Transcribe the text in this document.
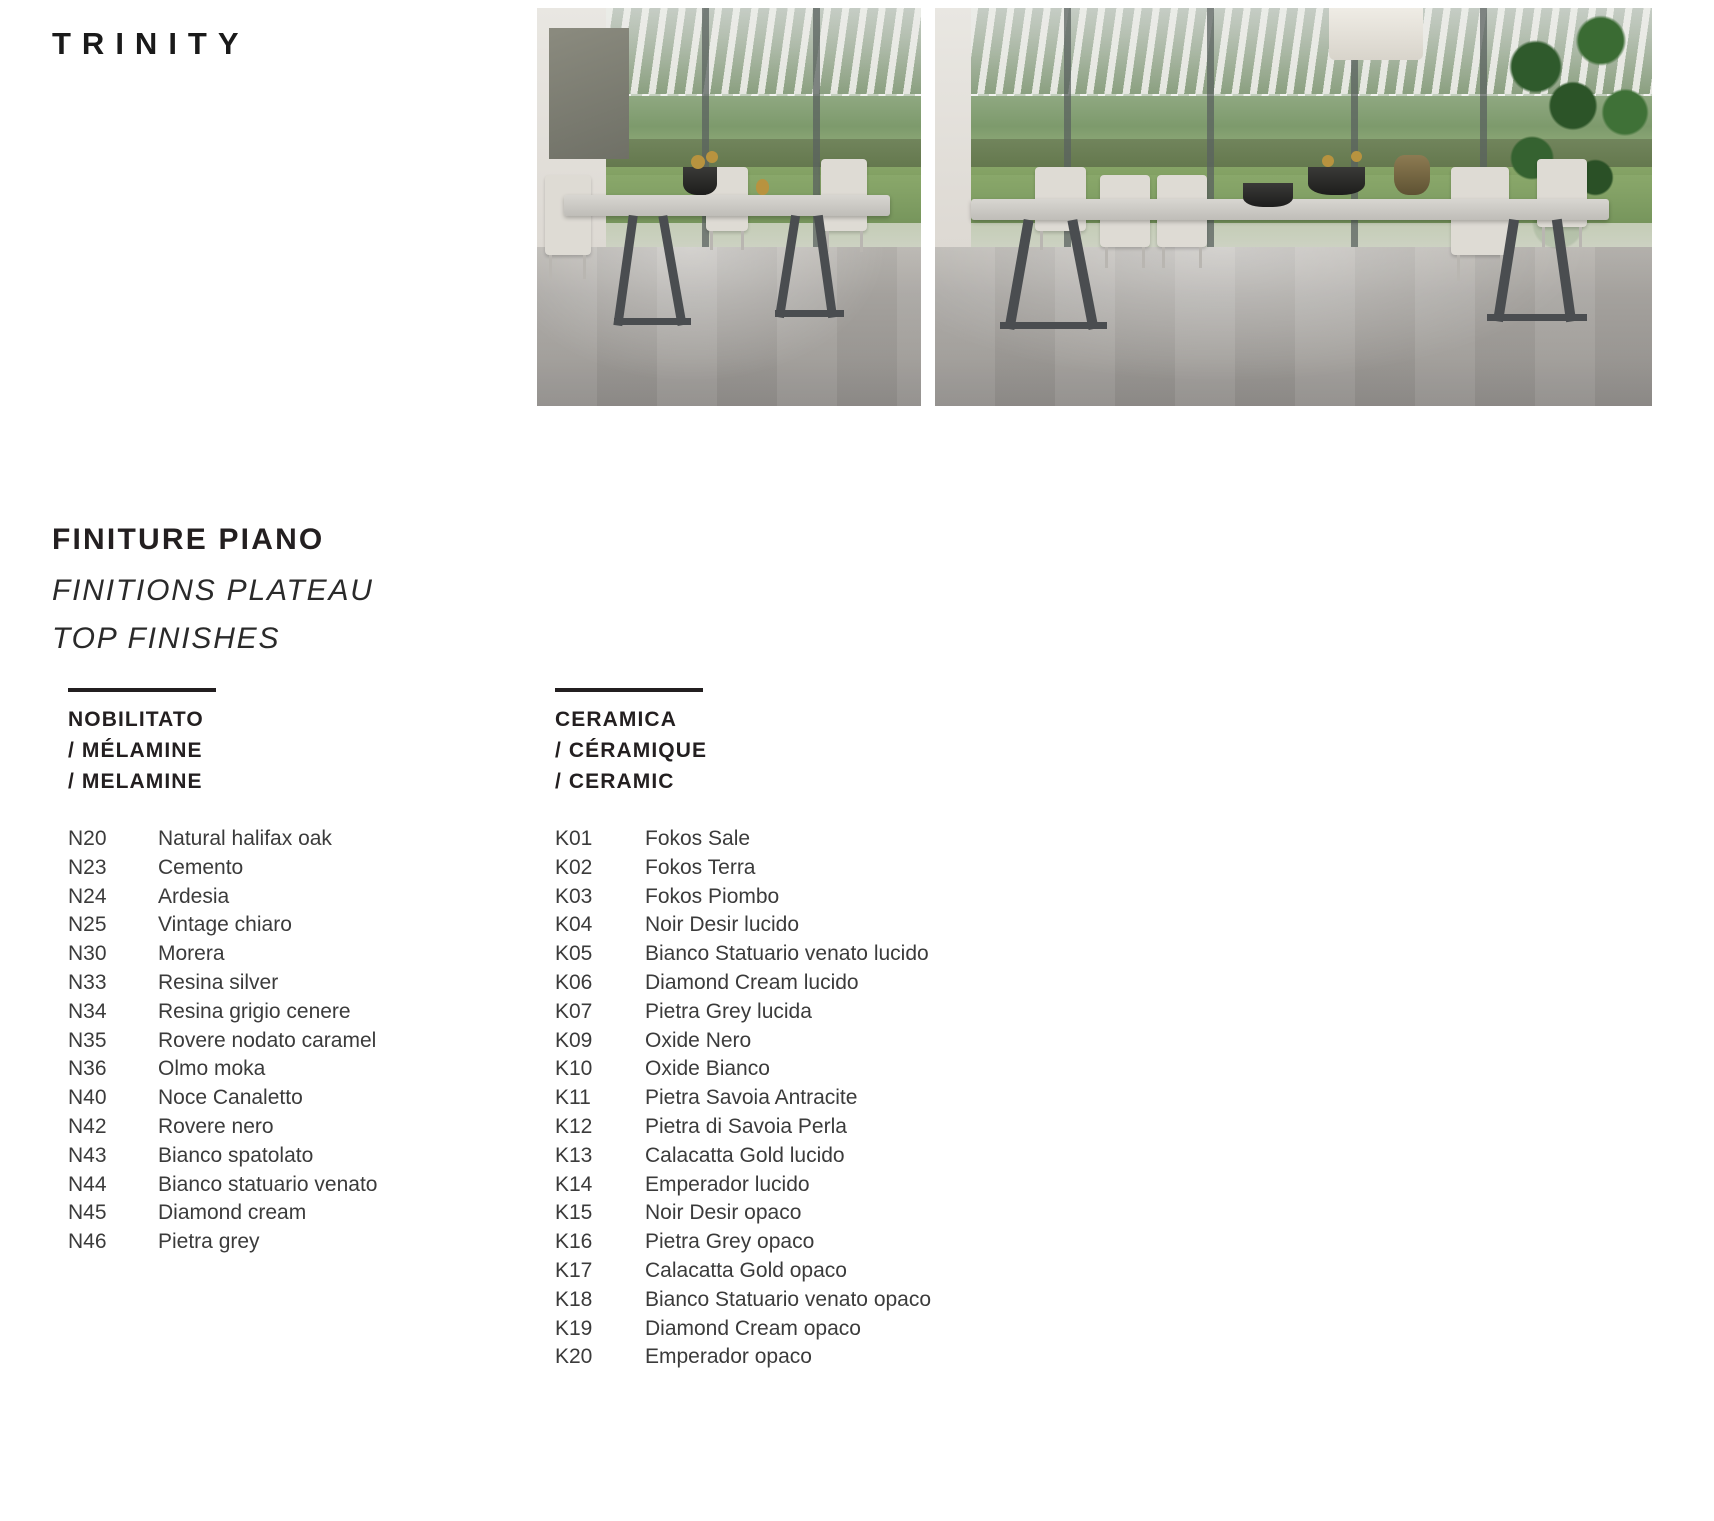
TRINITY
FINITURE PIANO
FINITIONS PLATEAU
TOP FINISHES
NOBILITATO
/ MÉLAMINE
/ MELAMINE
N20	Natural halifax oak
N23	Cemento
N24	Ardesia
N25	Vintage chiaro
N30	Morera
N33	Resina silver
N34	Resina grigio cenere
N35	Rovere nodato caramel
N36	Olmo moka
N40	Noce Canaletto
N42	Rovere nero
N43	Bianco spatolato
N44	Bianco statuario venato
N45	Diamond cream
N46	Pietra grey
CERAMICA
/ CÉRAMIQUE
/ CERAMIC
K01	Fokos Sale
K02	Fokos Terra
K03	Fokos Piombo
K04	Noir Desir lucido
K05	Bianco Statuario venato lucido
K06	Diamond Cream lucido
K07	Pietra Grey lucida
K09	Oxide Nero
K10	Oxide Bianco
K11	Pietra Savoia Antracite
K12	Pietra di Savoia Perla
K13	Calacatta Gold lucido
K14	Emperador lucido
K15	Noir Desir opaco
K16	Pietra Grey opaco
K17	Calacatta Gold opaco
K18	Bianco Statuario venato opaco
K19	Diamond Cream opaco
K20	Emperador opaco
